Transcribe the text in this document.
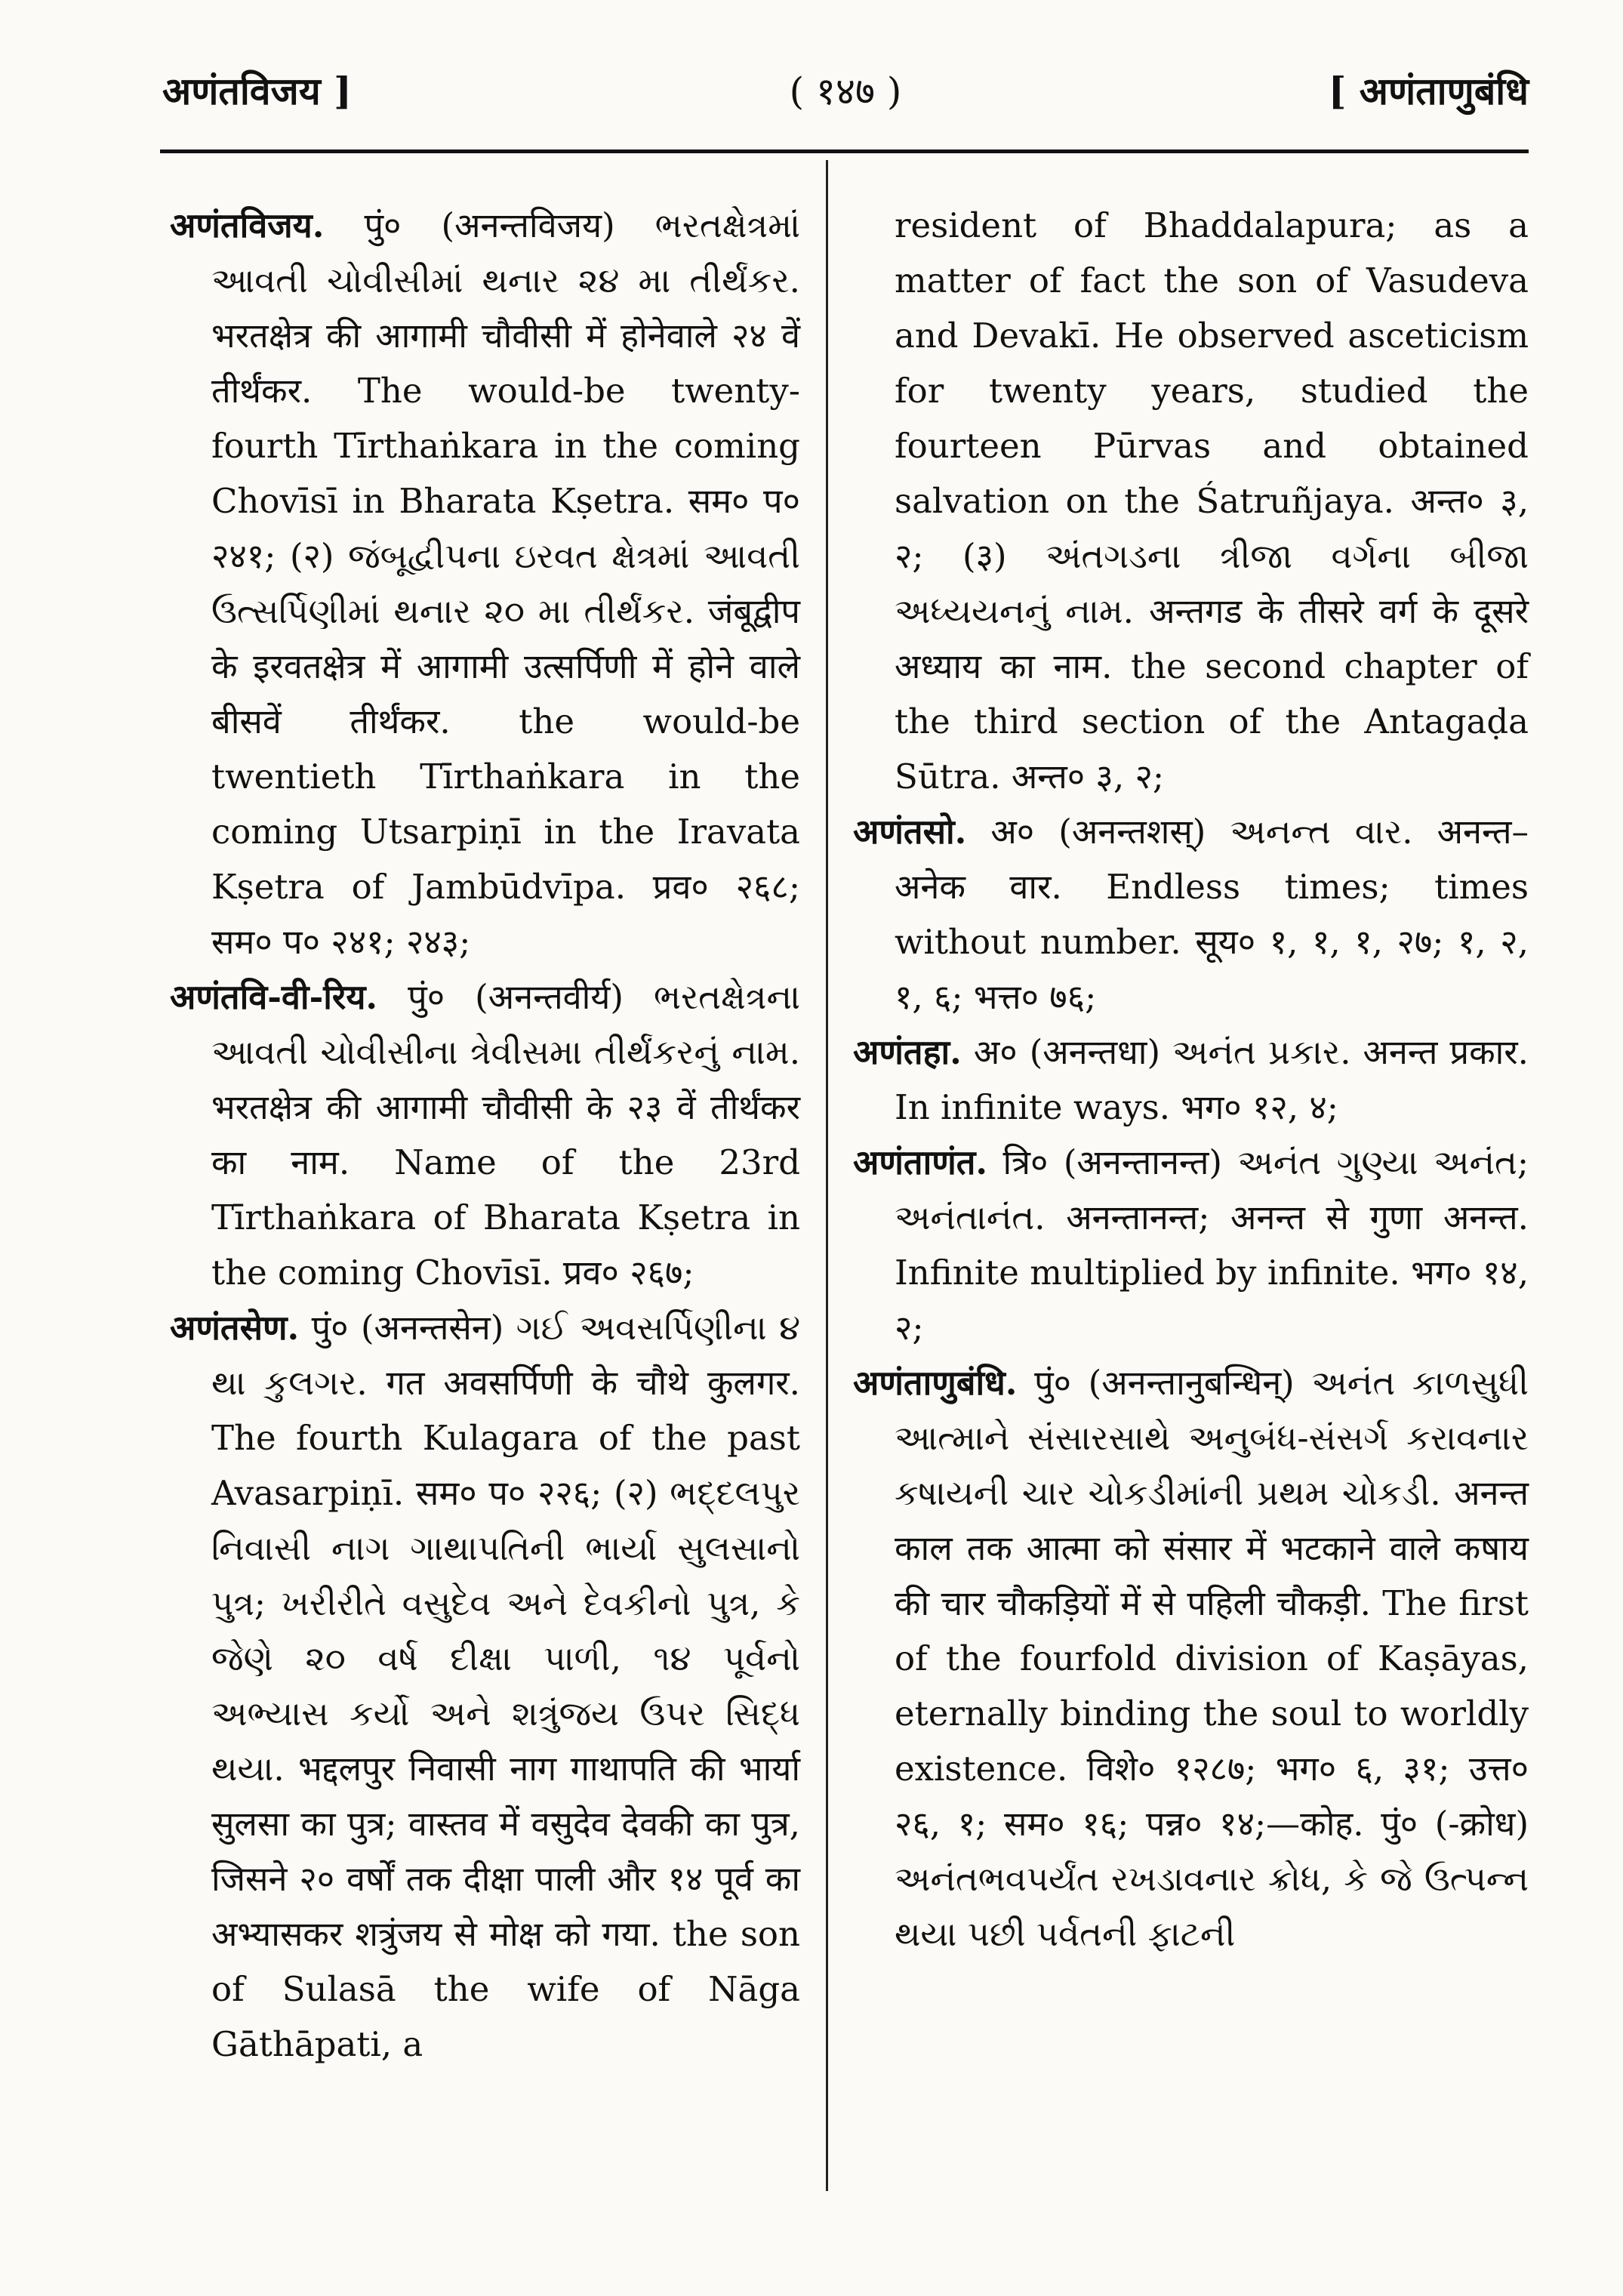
अणंतविजय ]	( १४७ )	[ अणंताणुबंधि

अणंतविजय. पुं० (अनन्तविजय) ભરતક્ષેત્રમાં આવતી ચોવીસીમાં થનાર ૨૪ મા તીર્થંકર. भरतक्षेत्र की आगामी चौवीसी में होनेवाले २४ वें तीर्थंकर. The would-be twenty-fourth Tīrthaṅkara in the coming Chovīsī in Bharata Kṣetra. सम० प० २४१; (२) જંબૂદ્વીપના ઇરવત ક્ષેત્રમાં આવતી ઉત્સર્પિણીમાં થનાર ૨૦ મા તીર્થંકર. जंबूद्वीप के इरवतक्षेत्र में आगामी उत्सर्पिणी में होने वाले बीसवें तीर्थंकर. the would-be twentieth Tīrthaṅkara in the coming Utsarpiṇī in the Iravata Kṣetra of Jambūdvīpa. प्रव० २६८; सम० प० २४१; २४३;

अणंतवि-वी-रिय. पुं० (अनन्तवीर्य) ભરતક્ષેત્રના આવતી ચોવીસીના ત્રેવીસમા તીર્થંકરનું નામ. भरतक्षेत्र की आगामी चौवीसी के २३ वें तीर्थंकर का नाम. Name of the 23rd Tīrthaṅkara of Bharata Kṣetra in the coming Chovīsī. प्रव० २६७;

अणंतसेण. पुं० (अनन्तसेन) ગઈ અવસર્પિણીના ૪ થા કુલગર. गत अवसर्पिणी के चौथे कुलगर. The fourth Kulagara of the past Avasarpiṇī. सम० प० २२६; (२) ભદ્દલપુર નિવાસી નાગ ગાથાપતિની ભાર્યા સુલસાનો પુત્ર; ખરીરીતે વસુદેવ અને દેવકીનો પુત્ર, કે જેણે ૨૦ વર્ષ દીક્ષા પાળી, ૧૪ પૂર્વનો અભ્યાસ કર્યો અને શત્રુંજય ઉપર સિદ્ધ થયા. भद्दलपुर निवासी नाग गाथापति की भार्या सुलसा का पुत्र; वास्तव में वसुदेव देवकी का पुत्र, जिसने २० वर्षों तक दीक्षा पाली और १४ पूर्व का अभ्यासकर शत्रुंजय से मोक्ष को गया. the son of Sulasā the wife of Nāga Gāthāpati, a

resident of Bhaddalapura; as a matter of fact the son of Vasudeva and Devakī. He observed asceticism for twenty years, studied the fourteen Pūrvas and obtained salvation on the Śatruñjaya. अन्त० ३, २; (३) અંતગડના ત્રીજા વર્ગના બીજા અધ્યયનનું નામ. अन्तगड के तीसरे वर्ग के दूसरे अध्याय का नाम. the second chapter of the third section of the Antagaḍa Sūtra. अन्त० ३, २;

अणंतसो. अ० (अनन्तशस्) અનન્ત વાર. अनन्त–अनेक वार. Endless times; times without number. सूय० १, १, १, २७; १, २, १, ६; भत्त० ७६;

अणंतहा. अ० (अनन्तधा) અનંત પ્રકાર. अनन्त प्रकार. In infinite ways. भग० १२, ४;

अणंताणंत. त्रि० (अनन्तानन्त) અનંત ગુણ્યા અનંત; અનંતાનંત. अनन्तानन्त; अनन्त से गुणा अनन्त. Infinite multiplied by infinite. भग० १४, २;

अणंताणुबंधि. पुं० (अनन्तानुबन्धिन्) અનંત કાળસુધી આત્માને સંસારસાથે અનુબંધ-સંસર્ગ કરાવનાર કષાયની ચાર ચોકડીમાંની પ્રથમ ચોકડી. अनन्त काल तक आत्मा को संसार में भटकाने वाले कषाय की चार चौकड़ियों में से पहिली चौकड़ी. The first of the fourfold division of Kaṣāyas, eternally binding the soul to worldly existence. विशे० १२८७; भग० ६, ३१; उत्त० २६, १; सम० १६; पन्न० १४;—कोह. पुं० (-क्रोध) અનંતભવપર્યંત રખડાવનાર ક્રોધ, કે જે ઉત્પન્ન થયા પછી પર્વતની ફાટની
